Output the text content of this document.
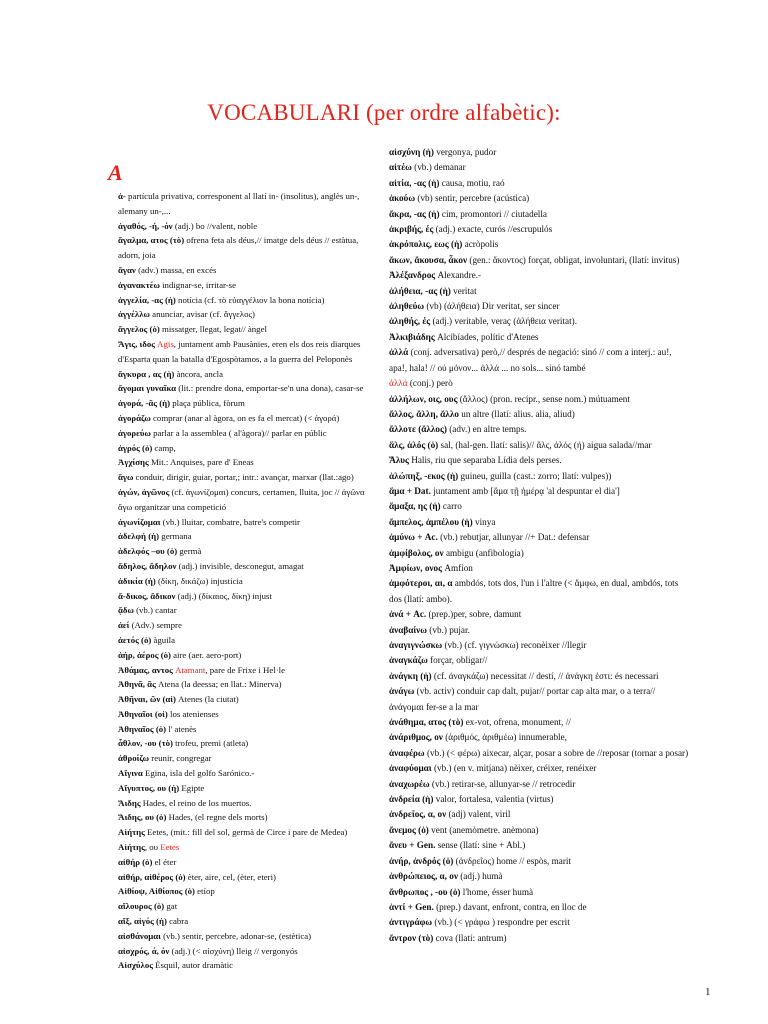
VOCABULARI (per ordre alfabètic):
A
ἀ- partícula privativa, corresponent al llatí in- (insolitus), anglès un-, alemany un-,...
ἀγαθός, -ή, -όν (adj.) bo //valent, noble
ἄγαλμα, ατος (τὸ) ofrena feta als déus,// imatge dels déus // estàtua, adorn, joia
ἄγαν (adv.) massa, en excés
ἀγανακτέω indignar-se, irritar-se
ἀγγελία, -ας (ἡ) notícia (cf. τὸ εὐαγγέλιον la bona notícia)
ἀγγέλλω anunciar, avisar (cf. ἄγγελος)
ἄγγελος (ὁ) missatger, llegat, legat// àngel
Ἄγις, ιδος Agis, juntament amb Pausànies, eren els dos reis diarques d'Esparta quan la batalla d'Egospòtamos, a la guerra del Peloponès
ἄγκυρα , ας (ἡ) àncora, ancla
ἄγομαι γυναῖκα (lit.: prendre dona, emportar-se'n una dona), casar-se
ἀγορά, -ᾶς (ἡ) plaça pública, fòrum
ἀγοράζω comprar (anar al àgora, on es fa el mercat) (< ἀγορά)
ἀγορεύω parlar a la assemblea ( al'àgora)// parlar en públic
ἀγρός (ὁ) camp,
Ἀγχίσης Mit.: Anquises, pare d' Eneas
ἄγω conduir, dirigir, guiar, portar,; intr.: avançar, marxar (llat.:ago)
ἀγών, ἀγῶνος (cf. ἀγωνίζομαι) concurs, certamen, lluita, joc // ἀγῶνα ἄγω organitzar una competició
ἀγωνίζομαι (vb.) lluitar, combatre, batre's competir
ἀδελφή (ἡ) germana
ἀδελφός –ου (ὁ) germà
ἄδηλος, ἄδηλον (adj.) invisible, desconegut, amagat
ἀδικία (ἡ) (δίκη, δικάζω) injustícia
ἄ-δικος, ἄδικον (adj.) (δίκαιος, δίκη) injust
ᾄδω (vb.) cantar
ἀεί (Adv.) sempre
ἀετός (ὁ) àguila
ἀήρ, ἀέρος (ὁ) aire (aer. aero-port)
Ἀθάμας, αντος Atamant, pare de Frixe i Hel·le
Ἀθηνᾶ, ᾶς Atena (la deessa; en llat.: Minerva)
Ἀθῆναι, ῶν (αἱ) Atenes (la ciutat)
Ἀθηναῖοι (οἱ) los atenienses
Ἀθηναῖος (ὁ) l' atenès
ἆθλον, -ου (τὸ) trofeu, premi (atleta)
ἀθροίζω reunir, congregar
Αἴγινα Egina, isla del golfo Sarónico.-
Αἴγυπτος, ου (ἡ) Egipte
Ἅιδης Hades, el reino de los muertos.
Ἅιδης, ου (ὁ) Hades, (el regne dels morts)
Αἰήτης Eetes, (mit.: fill del sol, germà de Circe i pare de Medea)
Αἰήτης, ου Eetes
αἰθήρ (ὁ) el éter
αἰθήρ, αἰθέρος (ὁ) èter, aire, cel, (èter, eteri)
Αἰθίοψ, Αἰθίοπος (ὁ) etíop
αἴλουρος (ὁ) gat
αἴξ, αἰγός (ἡ) cabra
αἰσθάνομαι (vb.) sentir, percebre, adonar-se, (estètica)
αἰσχρός, ά, όν (adj.) (< αἰσχύνη) lleig // vergonyós
Αἰσχύλος Èsquil, autor dramàtic
αἰσχύνη (ἡ) vergonya, pudor
αἰτέω (vb.) demanar
αἰτία, -ας (ἡ) causa, motiu, raó
ἀκούω (vb) sentir, percebre (acústica)
ἄκρα, -ας (ἡ) cim, promontori // ciutadella
ἀκριβής, ές (adj.) exacte, curós //escrupulós
ἀκρόπολις, εως (ἡ) acròpolis
ἄκων, ἄκουσα, ἆκον (gen.: ἄκοντος) forçat, obligat, involuntari, (llatí: invitus)
Ἀλέξανδρος Alexandre.-
ἀλήθεια, -ας (ἡ) veritat
ἀληθεύω (vb) (ἀλήθεια) Dir veritat, ser sincer
ἀληθής, ές (adj.) veritable, veraç (ἀλήθεια veritat).
Ἀλκιβιάδης Alcibíades, polític d'Atenes
ἀλλά (conj. adversativa) però,// després de negació: sinó // com a interj.: au!, apa!, hala! // οὐ μόνον... ἀλλά ... no sols... sinó també
ἀλλά (conj.) però
ἀλλήλων, οις, ους (ἄλλος) (pron. recípr., sense nom.) mútuament
ἄλλος, ἄλλη, ἄλλο un altre (llatí: alius. alia, aliud)
ἄλλοτε (ἄλλος) (adv.) en altre temps.
ἅλς, ἁλός (ὁ) sal, (hal-gen. llatí: salis)// ἅλς, ἁλός (ἡ) aigua salada//mar
Ἅλυς Halis, riu que separaba Lídia dels perses.
ἀλώπηξ, -εκος (ἡ) guineu, guilla (cast.: zorro; llatí: vulpes))
ἅμα + Dat. juntament amb [ἅμα τῇ ἡμέρᾳ 'al despuntar el dia']
ἅμαξα, ης (ἡ) carro
ἄμπελος, ἀμπέλου (ἡ) vinya
ἀμύνω + Ac. (vb.) rebutjar, allunyar //+ Dat.: defensar
ἀμφίβολος, ον ambigu (anfibologia)
Ἀμφίων, ονος Amfion
ἀμφότεροι, αι, α ambdós, tots dos, l'un i l'altre (< ἄμφω, en dual, ambdós, tots dos (llatí: ambo).
ἀνά + Ac. (prep.)per, sobre, damunt
ἀναβαίνω (vb.) pujar.
ἀναγιγνώσκω (vb.) (cf. γιγνώσκω) reconèixer //llegir
ἀναγκάζω forçar, obligar//
ἀνάγκη (ἡ) (cf. ἀναγκάζω) necessitat // destí, // ἀνάγκη ἐστι: és necessari
ἀνάγω (vb. activ) conduir cap dalt, pujar// portar cap alta mar, o a terra// ἀνάγομαι fer-se a la mar
ἀνάθημα, ατος (τὸ) ex-vot, ofrena, monument, //
ἀνάριθμος, ον (ἀριθμός, ἀριθμέω) innumerable,
ἀναφέρω (vb.) (< φέρω) aixecar, alçar, posar a sobre de //reposar (tornar a posar)
ἀναφύομαι (vb.) (en v. mitjana) nèixer, créixer, renéixer
ἀναχωρέω (vb.) retirar-se, allunyar-se // retrocedir
ἀνδρεία (ἡ) valor, fortalesa, valentia (virtus)
ἀνδρεῖος, α, ον (adj) valent, viril
ἄνεμος (ὁ) vent (anemòmetre. anèmona)
ἄνευ + Gen. sense (llatí: sine + Abl.)
ἀνήρ, ἀνδρός (ὁ) (ἀνδρεῖος) home // espòs, marit
ἀνθρώπειος, α, ον (adj.) humà
ἄνθρωπος , -ου (ὁ) l'home, ésser humà
ἀντί + Gen. (prep.) davant, enfront, contra, en lloc de
ἀντιγράφω (vb.) (< γράφω ) respondre per escrit
ἄντρον (τὸ) cova (llatí: antrum)
1
